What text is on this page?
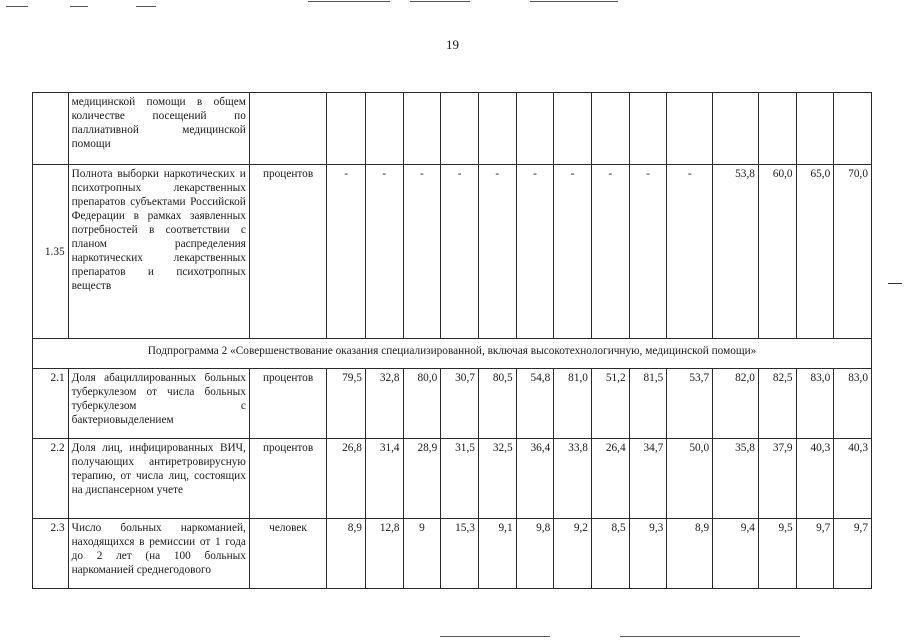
19
	медицинской помощи в общем количестве посещений по паллиативной медицинской помощи															
1.35	Полнота выборки наркотических и психотропных лекарственных препаратов субъектами Российской Федерации в рамках заявленных потребностей в соответствии с планом распределения наркотических лекарственных препаратов и психотропных веществ	процентов	-	-	-	-	-	-	-	-	-	-	53,8	60,0	65,0	70,0
Подпрограмма 2 «Совершенствование оказания специализированной, включая высокотехнологичную, медицинской помощи»																
2.1	Доля абациллированных больных туберкулезом от числа больных туберкулезом с бактериовыделением	процентов	79,5	32,8	80,0	30,7	80,5	54,8	81,0	51,2	81,5	53,7	82,0	82,5	83,0	83,0
2.2	Доля лиц, инфицированных ВИЧ, получающих антиретровирусную терапию, от числа лиц, состоящих на диспансерном учете	процентов	26,8	31,4	28,9	31,5	32,5	36,4	33,8	26,4	34,7	50,0	35,8	37,9	40,3	40,3
2.3	Число больных наркоманией, находящихся в ремиссии от 1 года до 2 лет (на 100 больных наркоманией среднегодового	человек	8,9	12,8	9	15,3	9,1	9,8	9,2	8,5	9,3	8,9	9,4	9,5	9,7	9,7
